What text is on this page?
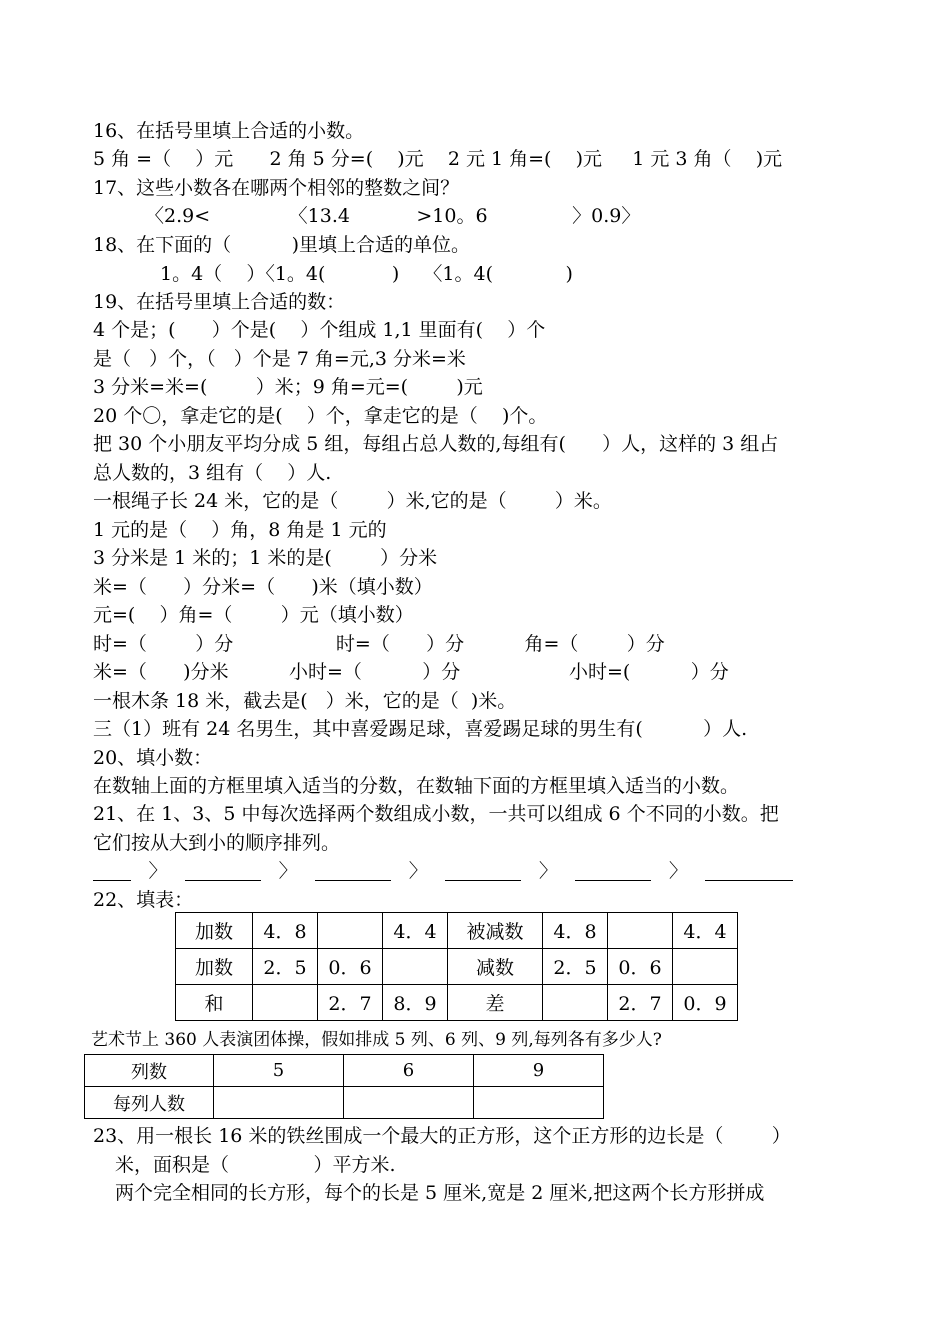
16、在括号里填上合适的小数。
5 角 =（    ）元      2 角 5 分=(    )元    2 元 1 角=(    )元     1 元 3 角（    )元
17、这些小数各在哪两个相邻的整数之间？
〈2.9<             〈13.4           >10。6              〉0.9〉
18、在下面的（          )里填上合适的单位。
1。4（    ）〈1。4(           )    〈1。4(            )
19、在括号里填上合适的数：
4 个是；(      ）个是(    ）个组成 1,1 里面有(    ）个
是（   ）个，（   ）个是 7 角=元,3 分米=米
3 分米=米=(        ）米；9 角=元=(        )元
20 个〇，拿走它的是(    ）个，拿走它的是（    )个。
把 30 个小朋友平均分成 5 组，每组占总人数的,每组有(      ）人，这样的 3 组占
总人数的，3 组有（    ）人.
一根绳子长 24 米，它的是（        ）米,它的是（        ）米。
1 元的是（    ）角，8 角是 1 元的
3 分米是 1 米的；1 米的是(        ）分米
米=（      ）分米=（      )米（填小数）
元=(    ）角=（        ）元（填小数）
时=（        ）分                 时=（      ）分          角=（        ）分
米=（      )分米          小时=（          ）分                  小时=(          ）分
一根木条 18 米，截去是(   ）米，它的是（  )米。
三（1）班有 24 名男生，其中喜爱踢足球，喜爱踢足球的男生有(          ）人.
20、填小数：
在数轴上面的方框里填入适当的分数，在数轴下面的方框里填入适当的小数。
21、在 1、3、5 中每次选择两个数组成小数，一共可以组成 6 个不同的小数。把
它们按从大到小的顺序排列。
〉	〉	〉	〉	〉
22、填表：
加数	4．8		4．4	被减数	4．8		4．4
加数	2．5	0．6		减数	2．5	0．6	
和		2．7	8．9	差		2．7	0．9
艺术节上 360 人表演团体操，假如排成 5 列、6 列、9 列,每列各有多少人?
列数	5	6	9
每列人数			
23、用一根长 16 米的铁丝围成一个最大的正方形，这个正方形的边长是（        ）
米，面积是（              ）平方米.
两个完全相同的长方形，每个的长是 5 厘米,宽是 2 厘米,把这两个长方形拼成
